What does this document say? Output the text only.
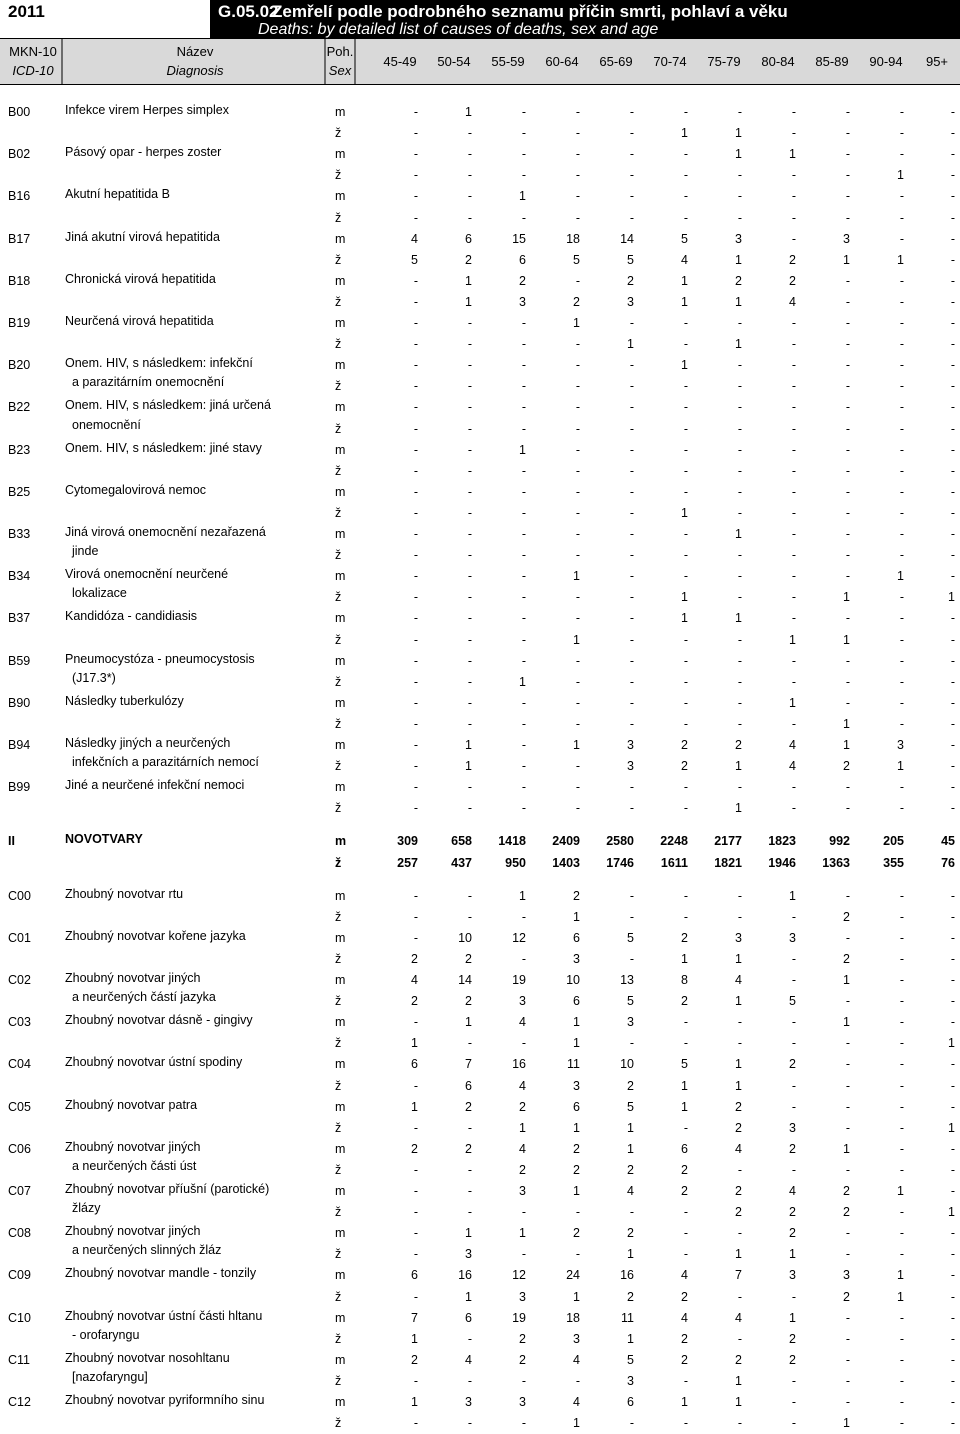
2011	G.05.02
Zemřelí podle podrobného seznamu příčin smrti, pohlaví a věku
Deaths: by detailed list of causes of deaths, sex and age
MKN-10
ICD-10
Název
Diagnosis
Poh.
Sex
45-49	50-54	55-59	60-64	65-69	70-74	75-79	80-84	85-89	90-94	95+
B00	Infekce virem Herpes simplex	m	-	1	-	-	-	-	-	-	-	-	-
ž	-	-	-	-	-	1	1	-	-	-	-
B02	Pásový opar - herpes zoster	m	-	-	-	-	-	-	1	1	-	-	-
ž	-	-	-	-	-	-	-	-	-	1	-
B16	Akutní hepatitida B	m	-	-	1	-	-	-	-	-	-	-	-
ž	-	-	-	-	-	-	-	-	-	-	-
B17	Jiná akutní virová hepatitida	m	4	6	15	18	14	5	3	-	3	-	-
ž	5	2	6	5	5	4	1	2	1	1	-
B18	Chronická virová hepatitida	m	-	1	2	-	2	1	2	2	-	-	-
ž	-	1	3	2	3	1	1	4	-	-	-
B19	Neurčená virová hepatitida	m	-	-	-	1	-	-	-	-	-	-	-
ž	-	-	-	-	1	-	1	-	-	-	-
B20	Onem. HIV, s následkem: infekční	m	-	-	-	-	-	1	-	-	-	-	-
a parazitárním onemocnění	ž	-	-	-	-	-	-	-	-	-	-	-
B22	Onem. HIV, s následkem: jiná určená	m	-	-	-	-	-	-	-	-	-	-	-
onemocnění	ž	-	-	-	-	-	-	-	-	-	-	-
B23	Onem. HIV, s následkem: jiné stavy	m	-	-	1	-	-	-	-	-	-	-	-
ž	-	-	-	-	-	-	-	-	-	-	-
B25	Cytomegalovirová nemoc	m	-	-	-	-	-	-	-	-	-	-	-
ž	-	-	-	-	-	1	-	-	-	-	-
B33	Jiná virová onemocnění nezařazená	m	-	-	-	-	-	-	1	-	-	-	-
jinde	ž	-	-	-	-	-	-	-	-	-	-	-
B34	Virová onemocnění neurčené	m	-	-	-	1	-	-	-	-	-	1	-
lokalizace	ž	-	-	-	-	-	1	-	-	1	-	1
B37	Kandidóza - candidiasis	m	-	-	-	-	-	1	1	-	-	-	-
ž	-	-	-	1	-	-	-	1	1	-	-
B59	Pneumocystóza - pneumocystosis	m	-	-	-	-	-	-	-	-	-	-	-
(J17.3*)	ž	-	-	1	-	-	-	-	-	-	-	-
B90	Následky tuberkulózy	m	-	-	-	-	-	-	-	1	-	-	-
ž	-	-	-	-	-	-	-	-	1	-	-
B94	Následky jiných a neurčených	m	-	1	-	1	3	2	2	4	1	3	-
infekčních a parazitárních nemocí	ž	-	1	-	-	3	2	1	4	2	1	-
B99	Jiné a neurčené infekční nemoci	m	-	-	-	-	-	-	-	-	-	-	-
ž	-	-	-	-	-	-	1	-	-	-	-
II	NOVOTVARY	m	309	658	1418	2409	2580	2248	2177	1823	992	205	45
ž	257	437	950	1403	1746	1611	1821	1946	1363	355	76
C00	Zhoubný novotvar rtu	m	-	-	1	2	-	-	-	1	-	-	-
ž	-	-	-	1	-	-	-	-	2	-	-
C01	Zhoubný novotvar kořene jazyka	m	-	10	12	6	5	2	3	3	-	-	-
ž	2	2	-	3	-	1	1	-	2	-	-
C02	Zhoubný novotvar jiných	m	4	14	19	10	13	8	4	-	1	-	-
a neurčených částí jazyka	ž	2	2	3	6	5	2	1	5	-	-	-
C03	Zhoubný novotvar dásně - gingivy	m	-	1	4	1	3	-	-	-	1	-	-
ž	1	-	-	1	-	-	-	-	-	-	1
C04	Zhoubný novotvar ústní spodiny	m	6	7	16	11	10	5	1	2	-	-	-
ž	-	6	4	3	2	1	1	-	-	-	-
C05	Zhoubný novotvar patra	m	1	2	2	6	5	1	2	-	-	-	-
ž	-	-	1	1	1	-	2	3	-	-	1
C06	Zhoubný novotvar jiných	m	2	2	4	2	1	6	4	2	1	-	-
a neurčených části úst	ž	-	-	2	2	2	2	-	-	-	-	-
C07	Zhoubný novotvar příušní (parotické)	m	-	-	3	1	4	2	2	4	2	1	-
žlázy	ž	-	-	-	-	-	-	2	2	2	-	1
C08	Zhoubný novotvar jiných	m	-	1	1	2	2	-	-	2	-	-	-
a neurčených slinných žláz	ž	-	3	-	-	1	-	1	1	-	-	-
C09	Zhoubný novotvar mandle - tonzily	m	6	16	12	24	16	4	7	3	3	1	-
ž	-	1	3	1	2	2	-	-	2	1	-
C10	Zhoubný novotvar ústní části hltanu	m	7	6	19	18	11	4	4	1	-	-	-
- orofaryngu	ž	1	-	2	3	1	2	-	2	-	-	-
C11	Zhoubný novotvar nosohltanu	m	2	4	2	4	5	2	2	2	-	-	-
[nazofaryngu]	ž	-	-	-	-	3	-	1	-	-	-	-
C12	Zhoubný novotvar pyriformního sinu	m	1	3	3	4	6	1	1	-	-	-	-
ž	-	-	-	1	-	-	-	-	1	-	-
